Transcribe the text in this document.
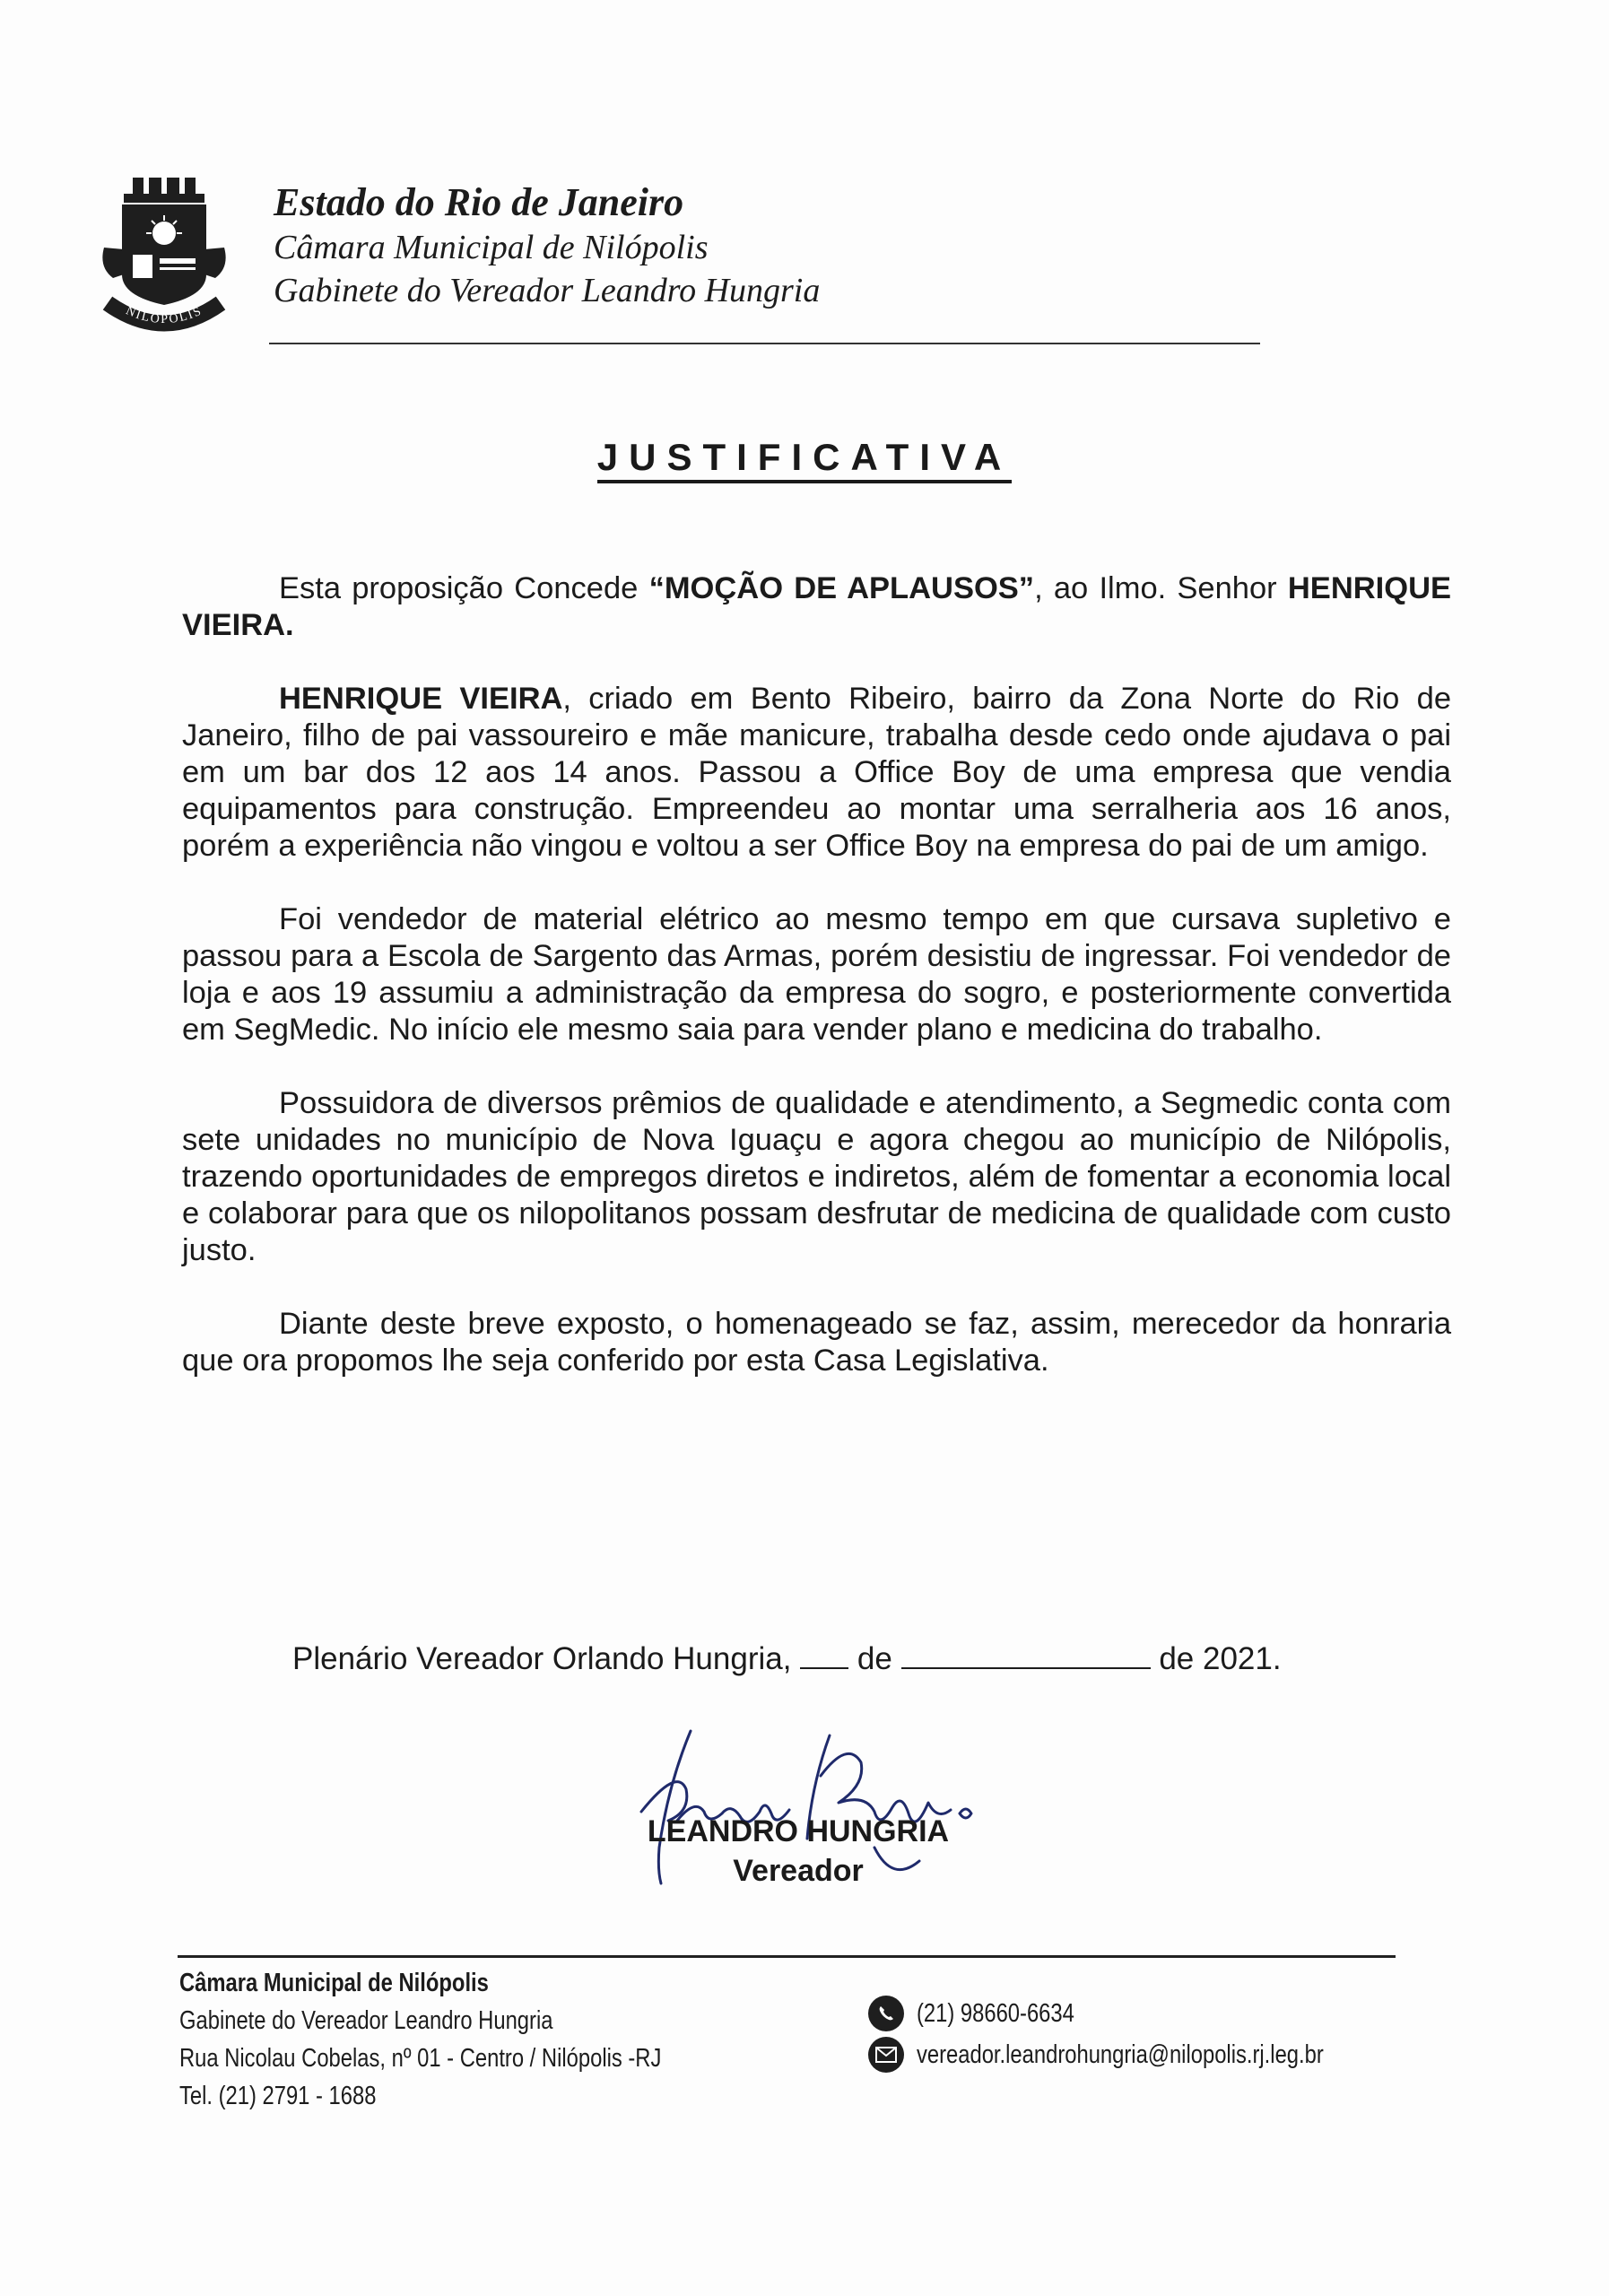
NILÓPOLIS
Estado do Rio de Janeiro
Câmara Municipal de Nilópolis
Gabinete do Vereador Leandro Hungria
JUSTIFICATIVA

Esta proposição Concede “MOÇÃO DE APLAUSOS”, ao Ilmo. Senhor HENRIQUE VIEIRA.

HENRIQUE VIEIRA, criado em Bento Ribeiro, bairro da Zona Norte do Rio de Janeiro, filho de pai vassoureiro e mãe manicure, trabalha desde cedo onde ajudava o pai em um bar dos 12 aos 14 anos. Passou a Office Boy de uma empresa que vendia equipamentos para construção. Empreendeu ao montar uma serralheria aos 16 anos, porém a experiência não vingou e voltou a ser Office Boy na empresa do pai de um amigo.

Foi vendedor de material elétrico ao mesmo tempo em que cursava supletivo e passou para a Escola de Sargento das Armas, porém desistiu de ingressar. Foi vendedor de loja e aos 19 assumiu a administração da empresa do sogro, e posteriormente convertida em SegMedic. No início ele mesmo saia para vender plano e medicina do trabalho.

Possuidora de diversos prêmios de qualidade e atendimento, a Segmedic conta com sete unidades no município de Nova Iguaçu e agora chegou ao município de Nilópolis, trazendo oportunidades de empregos diretos e indiretos, além de fomentar a economia local e colaborar para que os nilopolitanos possam desfrutar de medicina de qualidade com custo justo.

Diante deste breve exposto, o homenageado se faz, assim, merecedor da honraria que ora propomos lhe seja conferido por esta Casa Legislativa.

Plenário Vereador Orlando Hungria, de	de 2021.
LEANDRO HUNGRIA
Vereador
Câmara Municipal de Nilópolis
Gabinete do Vereador Leandro Hungria
Rua Nicolau Cobelas, nº 01 - Centro / Nilópolis -RJ
Tel. (21) 2791 - 1688
(21) 98660-6634
vereador.leandrohungria@nilopolis.rj.leg.br
